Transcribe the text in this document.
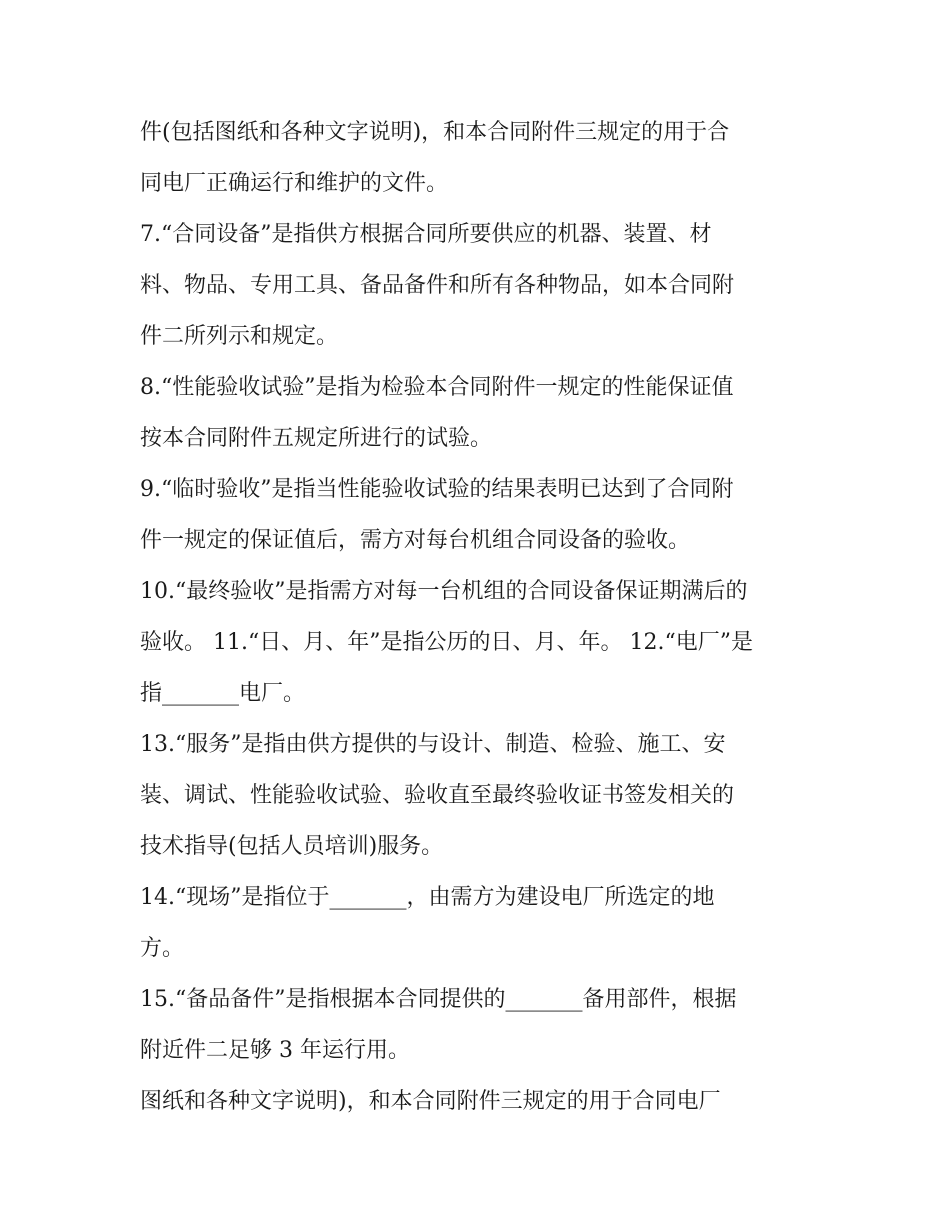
件(包括图纸和各种文字说明)，和本合同附件三规定的用于合
同电厂正确运行和维护的文件。
7.“合同设备”是指供方根据合同所要供应的机器、装置、材
料、物品、专用工具、备品备件和所有各种物品，如本合同附
件二所列示和规定。
8.“性能验收试验”是指为检验本合同附件一规定的性能保证值
按本合同附件五规定所进行的试验。
9.“临时验收”是指当性能验收试验的结果表明已达到了合同附
件一规定的保证值后，需方对每台机组合同设备的验收。
10.“最终验收”是指需方对每一台机组的合同设备保证期满后的
验收。 11.“日、月、年”是指公历的日、月、年。 12.“电厂”是
指_______电厂。
13.“服务”是指由供方提供的与设计、制造、检验、施工、安
装、调试、性能验收试验、验收直至最终验收证书签发相关的
技术指导(包括人员培训)服务。
14.“现场”是指位于_______，由需方为建设电厂所选定的地
方。
15.“备品备件”是指根据本合同提供的_______备用部件，根据
附近件二足够 3 年运行用。
图纸和各种文字说明)，和本合同附件三规定的用于合同电厂
